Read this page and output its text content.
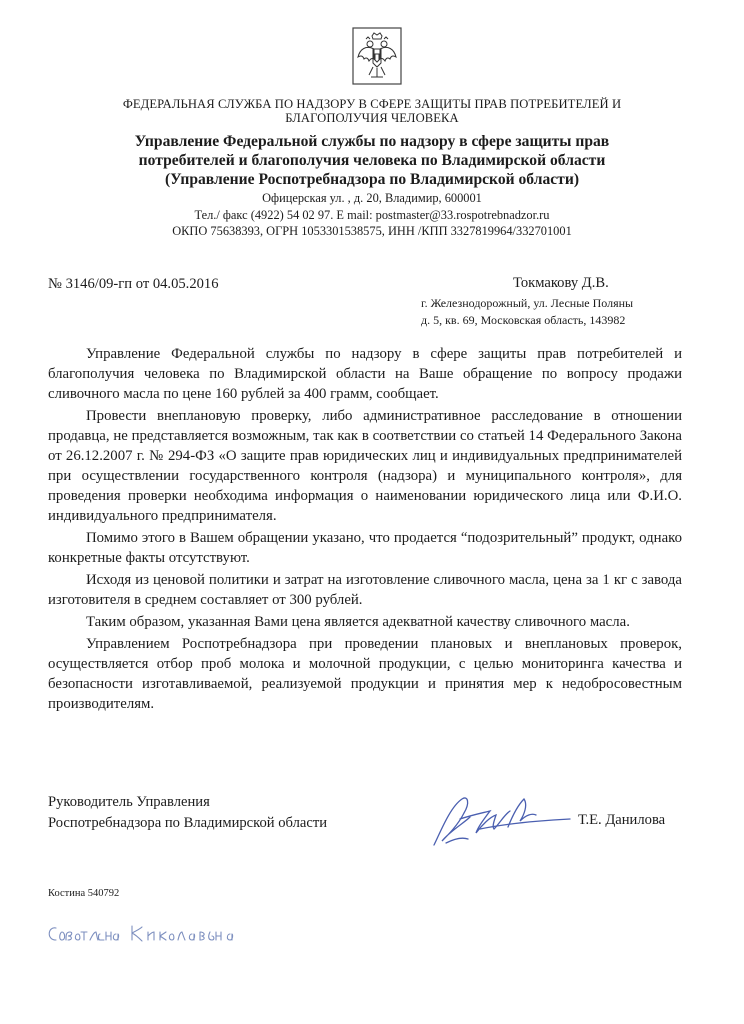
ФЕДЕРАЛЬНАЯ СЛУЖБА ПО НАДЗОРУ В СФЕРЕ ЗАЩИТЫ ПРАВ ПОТРЕБИТЕЛЕЙ И
БЛАГОПОЛУЧИЯ ЧЕЛОВЕКА
Управление Федеральной службы по надзору в сфере защиты прав
потребителей и благополучия человека по Владимирской области
(Управление Роспотребнадзора по Владимирской области)
Офицерская ул. , д. 20, Владимир, 600001
Тел./ факс (4922) 54 02 97. E mail: postmaster@33.rospotrebnadzor.ru
ОКПО 75638393, ОГРН 1053301538575, ИНН /КПП 3327819964/332701001
№ 3146/09-гп от 04.05.2016	Токмакову Д.В.
г. Железнодорожный, ул. Лесные Поляны
д. 5, кв. 69, Московская область, 143982

Управление Федеральной службы по надзору в сфере защиты прав потребителей и благополучия человека по Владимирской области на Ваше обращение по вопросу продажи сливочного масла по цене 160 рублей за 400 грамм, сообщает.

Провести внеплановую проверку, либо административное расследование в отношении продавца, не представляется возможным, так как в соответствии со статьей 14 Федерального Закона от 26.12.2007 г. № 294-ФЗ «О защите прав юридических лиц и индивидуальных предпринимателей при осуществлении государственного контроля (надзора) и муниципального контроля», для проведения проверки необходима информация о наименовании юридического лица или Ф.И.О. индивидуального предпринимателя.

Помимо этого в Вашем обращении указано, что продается “подозрительный” продукт, однако конкретные факты отсутствуют.

Исходя из ценовой политики и затрат на изготовление сливочного масла, цена за 1 кг с завода изготовителя в среднем составляет от 300 рублей.

Таким образом, указанная Вами цена является адекватной качеству сливочного масла.

Управлением Роспотребнадзора при проведении плановых и внеплановых проверок, осуществляется отбор проб молока и молочной продукции, с целью мониторинга качества и безопасности изготавливаемой, реализуемой продукции и принятия мер к недобросовестным производителям.

Руководитель Управления
Роспотребнадзора по Владимирской области	Т.Е. Данилова
Костина 540792
